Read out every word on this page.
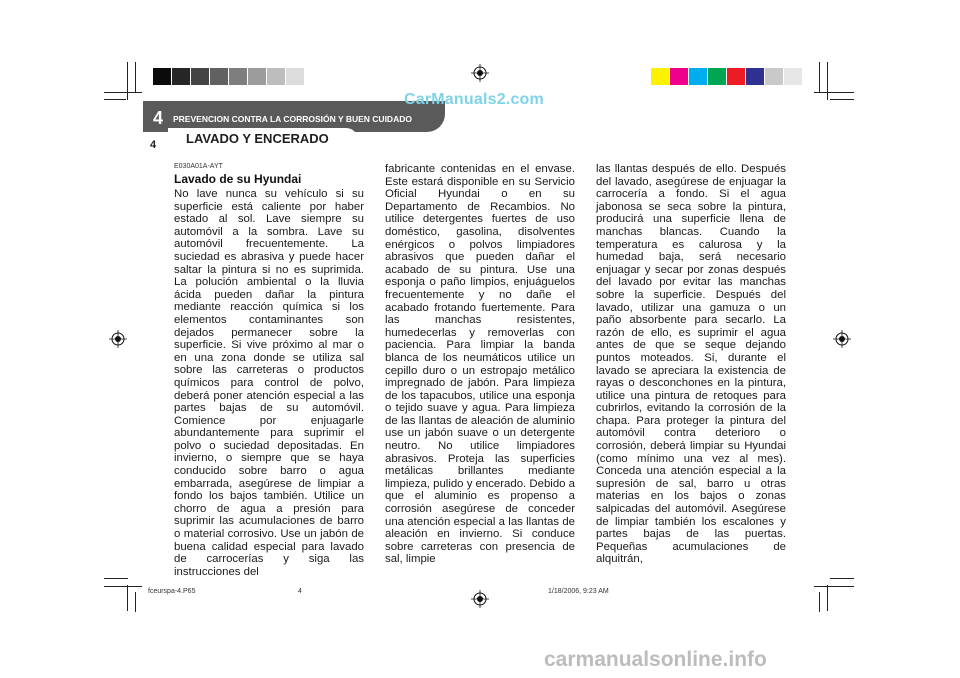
4 PREVENCION CONTRA LA CORROSIÓN Y BUEN CUIDADO
CarManuals2.com
LAVADO Y ENCERADO
4
E030A01A-AYT
Lavado de su Hyundai

No lave nunca su vehículo si su superficie está caliente por haber estado al sol. Lave siempre su automóvil a la sombra. Lave su automóvil frecuentemente. La suciedad es abrasiva y puede hacer saltar la pintura si no es suprimida. La polución ambiental o la lluvia ácida pueden dañar la pintura mediante reacción química si los elementos contaminantes son dejados permanecer sobre la superficie. Si vive próximo al mar o en una zona donde se utiliza sal sobre las carreteras o productos químicos para control de polvo, deberá poner atención especial a las partes bajas de su automóvil. Comience por enjuagarle abundantemente para suprimir el polvo o suciedad depositadas. En invierno, o siempre que se haya conducido sobre barro o agua embarrada, asegúrese de limpiar a fondo los bajos también. Utilice un chorro de agua a presión para suprimir las acumulaciones de barro o material corrosivo. Use un jabón de buena calidad especial para lavado de carrocerías y siga las instrucciones del

fabricante contenidas en el envase. Este estará disponible en su Servicio Oficial Hyundai o en su Departamento de Recambios. No utilice detergentes fuertes de uso doméstico, gasolina, disolventes enérgicos o polvos limpiadores abrasivos que pueden dañar el acabado de su pintura. Use una esponja o paño limpios, enjuáguelos frecuentemente y no dañe el acabado frotando fuertemente. Para las manchas resistentes, humedecerlas y removerlas con paciencia. Para limpiar la banda blanca de los neumáticos utilice un cepillo duro o un estropajo metálico impregnado de jabón. Para limpieza de los tapacubos, utilice una esponja o tejido suave y agua. Para limpieza de las llantas de aleación de aluminio use un jabón suave o un detergente neutro. No utilice limpiadores abrasivos. Proteja las superficies metálicas brillantes mediante limpieza, pulido y encerado. Debido a que el aluminio es propenso a corrosión asegúrese de conceder una atención especial a las llantas de aleación en invierno. Si conduce sobre carreteras con presencia de sal, limpie

las llantas después de ello. Después del lavado, asegúrese de enjuagar la carrocería a fondo. Si el agua jabonosa se seca sobre la pintura, producirá una superficie llena de manchas blancas. Cuando la temperatura es calurosa y la humedad baja, será necesario enjuagar y secar por zonas después del lavado por evitar las manchas sobre la superficie. Después del lavado, utilizar una gamuza o un paño absorbente para secarlo. La razón de ello, es suprimir el agua antes de que se seque dejando puntos moteados. Si, durante el lavado se apreciara la existencia de rayas o desconchones en la pintura, utilice una pintura de retoques para cubrirlos, evitando la corrosión de la chapa. Para proteger la pintura del automóvil contra deterioro o corrosión, deberá limpiar su Hyundai (como mínimo una vez al mes). Conceda una atención especial a la supresión de sal, barro u otras materias en los bajos o zonas salpicadas del automóvil. Asegúrese de limpiar también los escalones y partes bajas de las puertas. Pequeñas acumulaciones de alquitrán,

fceurspa-4.P65	4	1/18/2006, 9:23 AM
carmanualsonline.info
